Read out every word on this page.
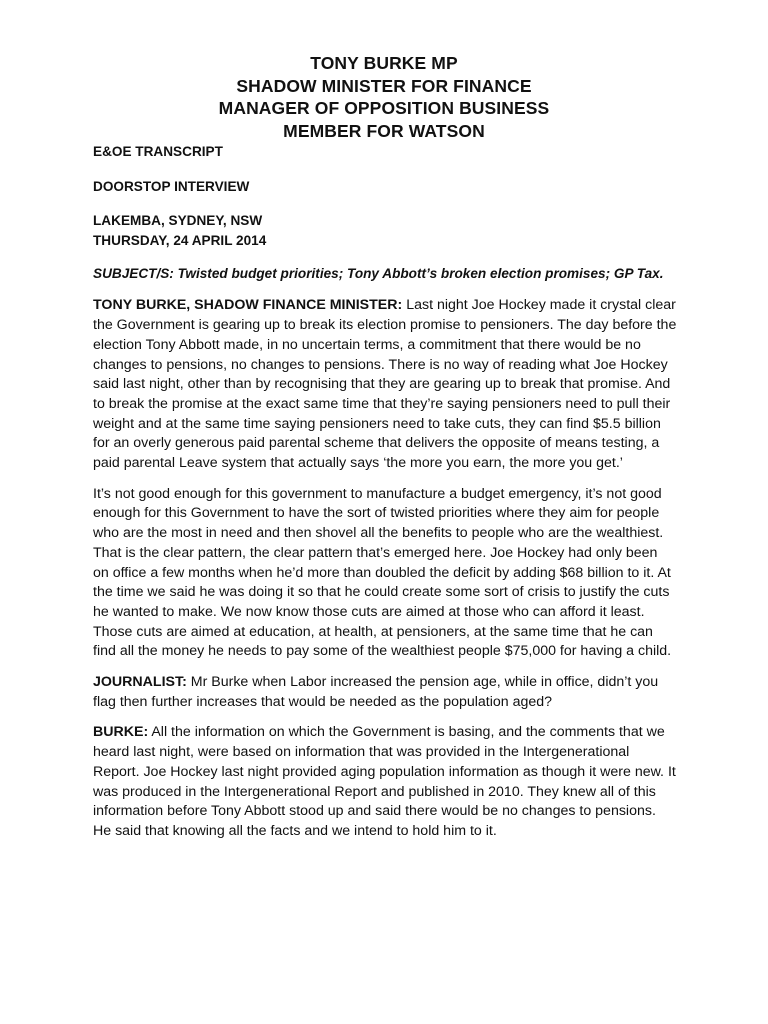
TONY BURKE MP
SHADOW MINISTER FOR FINANCE
MANAGER OF OPPOSITION BUSINESS
MEMBER FOR WATSON
E&OE TRANSCRIPT
DOORSTOP INTERVIEW
LAKEMBA, SYDNEY, NSW
THURSDAY, 24 APRIL 2014
SUBJECT/S: Twisted budget priorities; Tony Abbott’s broken election promises; GP Tax.

TONY BURKE, SHADOW FINANCE MINISTER: Last night Joe Hockey made it crystal clear the Government is gearing up to break its election promise to pensioners. The day before the election Tony Abbott made, in no uncertain terms, a commitment that there would be no changes to pensions, no changes to pensions. There is no way of reading what Joe Hockey said last night, other than by recognising that they are gearing up to break that promise. And to break the promise at the exact same time that they’re saying pensioners need to pull their weight and at the same time saying pensioners need to take cuts, they can find $5.5 billion for an overly generous paid parental scheme that delivers the opposite of means testing, a paid parental Leave system that actually says ‘the more you earn, the more you get.’

It’s not good enough for this government to manufacture a budget emergency, it’s not good enough for this Government to have the sort of twisted priorities where they aim for people who are the most in need and then shovel all the benefits to people who are the wealthiest. That is the clear pattern, the clear pattern that’s emerged here. Joe Hockey had only been on office a few months when he’d more than doubled the deficit by adding $68 billion to it. At the time we said he was doing it so that he could create some sort of crisis to justify the cuts he wanted to make. We now know those cuts are aimed at those who can afford it least. Those cuts are aimed at education, at health, at pensioners, at the same time that he can find all the money he needs to pay some of the wealthiest people $75,000 for having a child.

JOURNALIST: Mr Burke when Labor increased the pension age, while in office, didn’t you flag then further increases that would be needed as the population aged?

BURKE: All the information on which the Government is basing, and the comments that we heard last night, were based on information that was provided in the Intergenerational Report. Joe Hockey last night provided aging population information as though it were new. It was produced in the Intergenerational Report and published in 2010. They knew all of this information before Tony Abbott stood up and said there would be no changes to pensions. He said that knowing all the facts and we intend to hold him to it.
